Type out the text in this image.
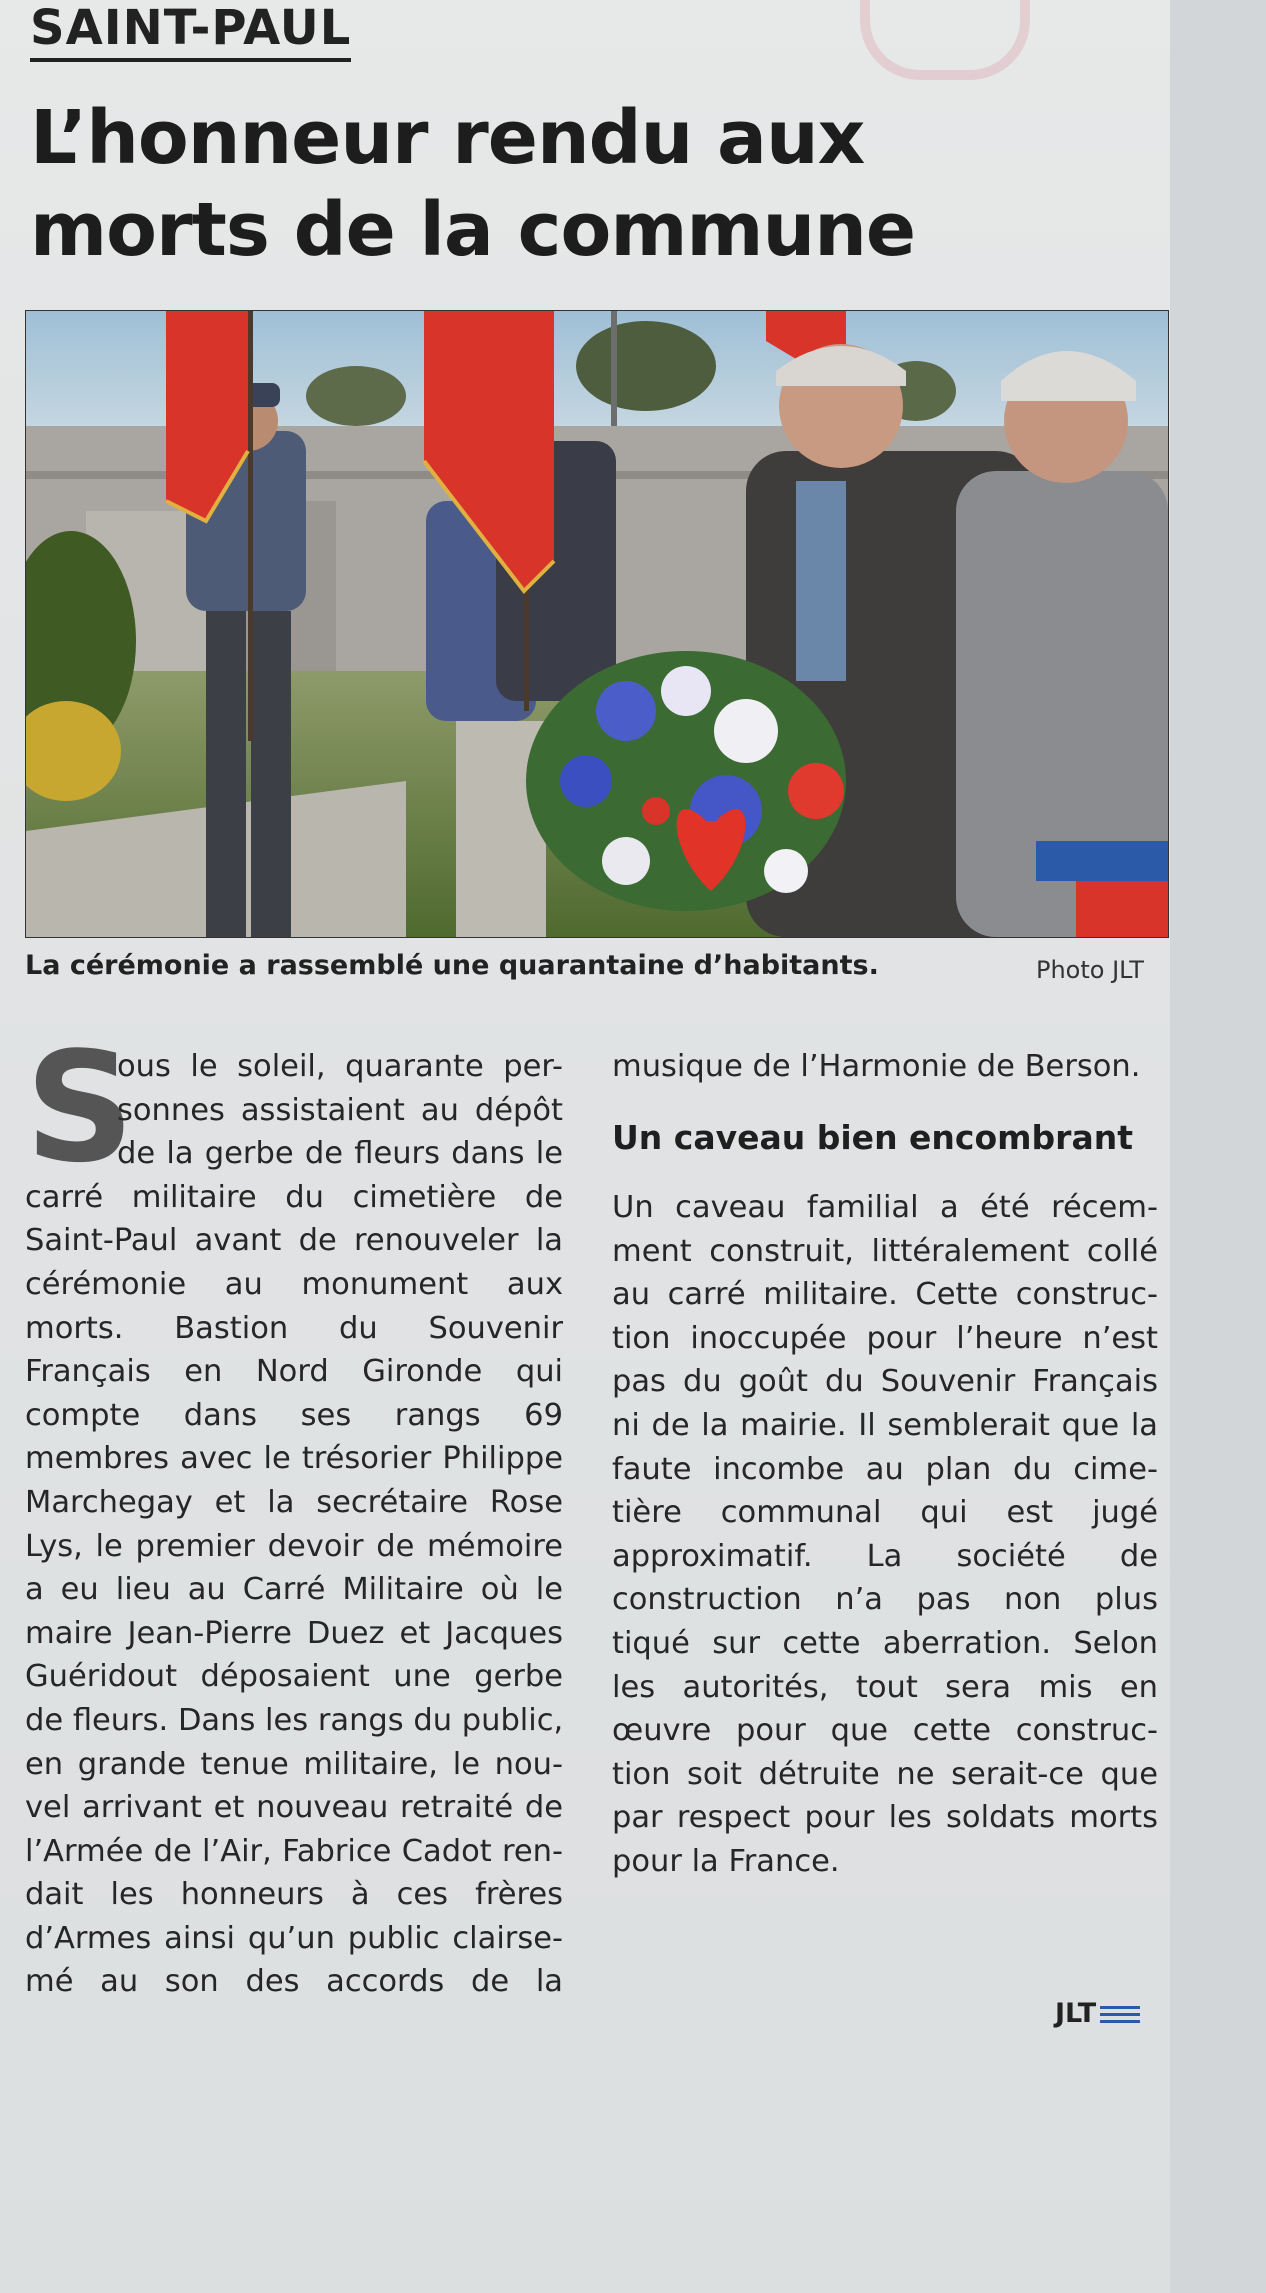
SAINT-PAUL
L’honneur rendu aux
morts de la commune
La cérémonie a rassemblé une quarantaine d’habitants.	Photo JLT
S
ous le soleil, quarante per-
sonnes assistaient au dépôt
de la gerbe de fleurs dans le
carré militaire du cimetière de
Saint-Paul avant de renouveler la
cérémonie au monument aux
morts. Bastion du Souvenir
Français en Nord Gironde qui
compte dans ses rangs 69
membres avec le trésorier Philippe
Marchegay et la secrétaire Rose
Lys, le premier devoir de mémoire
a eu lieu au Carré Militaire où le
maire Jean-Pierre Duez et Jacques
Guéridout déposaient une gerbe
de fleurs. Dans les rangs du public,
en grande tenue militaire, le nou-
vel arrivant et nouveau retraité de
l’Armée de l’Air, Fabrice Cadot ren-
dait les honneurs à ces frères
d’Armes ainsi qu’un public clairse-
mé au son des accords de la
musique de l’Harmonie de Berson.
Un caveau bien encombrant
Un caveau familial a été récem-
ment construit, littéralement collé
au carré militaire. Cette construc-
tion inoccupée pour l’heure n’est
pas du goût du Souvenir Français
ni de la mairie. Il semblerait que la
faute incombe au plan du cime-
tière communal qui est jugé
approximatif. La société de
construction n’a pas non plus
tiqué sur cette aberration. Selon
les autorités, tout sera mis en
œuvre pour que cette construc-
tion soit détruite ne serait-ce que
par respect pour les soldats morts
pour la France.
JLT
